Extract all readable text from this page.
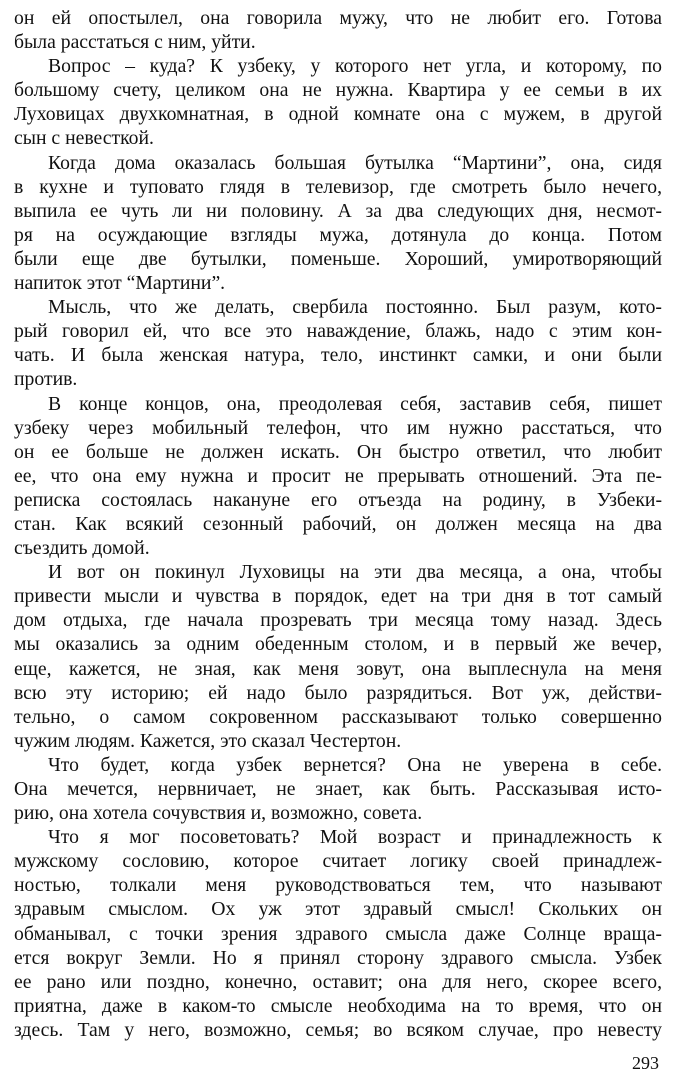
он ей опостылел, она говорила мужу, что не любит его. Готова
была расстаться с ним, уйти.
Вопрос – куда? К узбеку, у которого нет угла, и которому, по
большому счету, целиком она не нужна. Квартира у ее семьи в их
Луховицах двухкомнатная, в одной комнате она с мужем, в другой
сын с невесткой.
Когда дома оказалась большая бутылка “Мартини”, она, сидя
в кухне и туповато глядя в телевизор, где смотреть было нечего,
выпила ее чуть ли ни половину. А за два следующих дня, несмот-
ря на осуждающие взгляды мужа, дотянула до конца. Потом
были еще две бутылки, поменьше. Хороший, умиротворяющий
напиток этот “Мартини”.
Мысль, что же делать, свербила постоянно. Был разум, кото-
рый говорил ей, что все это наваждение, блажь, надо с этим кон-
чать. И была женская натура, тело, инстинкт самки, и они были
против.
В конце концов, она, преодолевая себя, заставив себя, пишет
узбеку через мобильный телефон, что им нужно расстаться, что
он ее больше не должен искать. Он быстро ответил, что любит
ее, что она ему нужна и просит не прерывать отношений. Эта пе-
реписка состоялась накануне его отъезда на родину, в Узбеки-
стан. Как всякий сезонный рабочий, он должен месяца на два
съездить домой.
И вот он покинул Луховицы на эти два месяца, а она, чтобы
привести мысли и чувства в порядок, едет на три дня в тот самый
дом отдыха, где начала прозревать три месяца тому назад. Здесь
мы оказались за одним обеденным столом, и в первый же вечер,
еще, кажется, не зная, как меня зовут, она выплеснула на меня
всю эту историю; ей надо было разрядиться. Вот уж, действи-
тельно, о самом сокровенном рассказывают только совершенно
чужим людям. Кажется, это сказал Честертон.
Что будет, когда узбек вернется? Она не уверена в себе.
Она мечется, нервничает, не знает, как быть. Рассказывая исто-
рию, она хотела сочувствия и, возможно, совета.
Что я мог посоветовать? Мой возраст и принадлежность к
мужскому сословию, которое считает логику своей принадлеж-
ностью, толкали меня руководствоваться тем, что называют
здравым смыслом. Ох уж этот здравый смысл! Скольких он
обманывал, с точки зрения здравого смысла даже Солнце враща-
ется вокруг Земли. Но я принял сторону здравого смысла. Узбек
ее рано или поздно, конечно, оставит; она для него, скорее всего,
приятна, даже в каком-то смысле необходима на то время, что он
здесь. Там у него, возможно, семья; во всяком случае, про невесту
293
